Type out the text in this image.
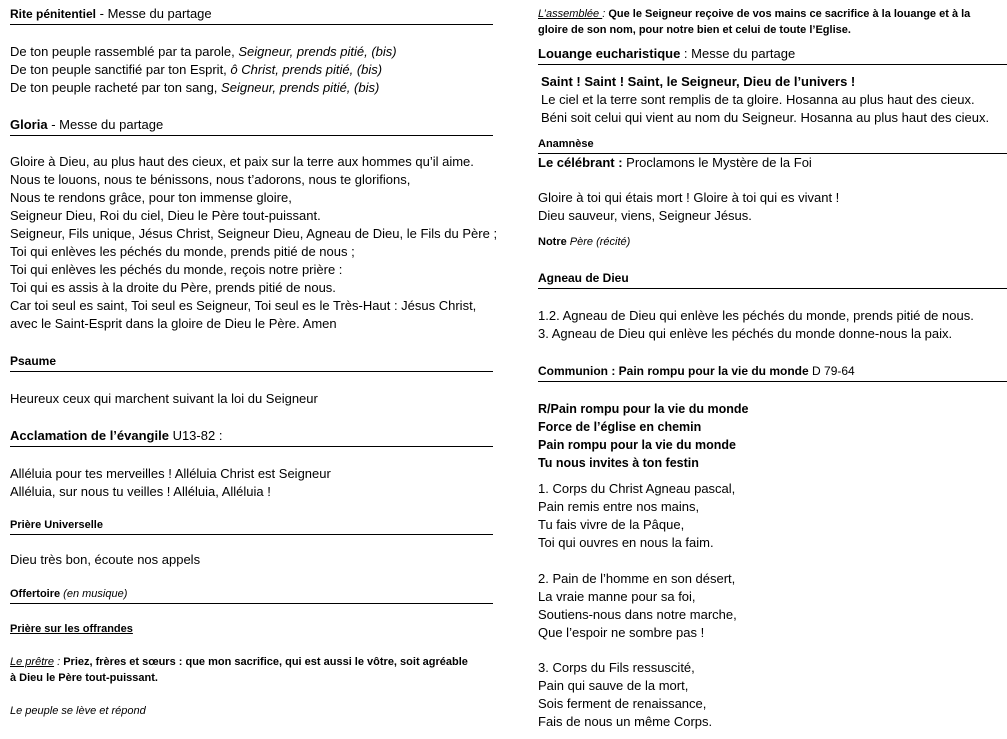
Rite pénitentiel - Messe du partage
De ton peuple rassemblé par ta parole, Seigneur, prends pitié, (bis)
De ton peuple sanctifié par ton Esprit, ô Christ, prends pitié, (bis)
De ton peuple racheté par ton sang, Seigneur, prends pitié, (bis)
Gloria - Messe du partage
Gloire à Dieu, au plus haut des cieux, et paix sur la terre aux hommes qu’il aime.
Nous te louons, nous te bénissons, nous t’adorons, nous te glorifions,
Nous te rendons grâce, pour ton immense gloire,
Seigneur Dieu, Roi du ciel, Dieu le Père tout-puissant.
Seigneur, Fils unique, Jésus Christ, Seigneur Dieu, Agneau de Dieu, le Fils du Père ;
Toi qui enlèves les péchés du monde, prends pitié de nous ;
Toi qui enlèves les péchés du monde, reçois notre prière :
Toi qui es assis à la droite du Père, prends pitié de nous.
Car toi seul es saint, Toi seul es Seigneur, Toi seul es le Très-Haut : Jésus Christ,
avec le Saint-Esprit dans la gloire de Dieu le Père. Amen
Psaume
Heureux ceux qui marchent suivant la loi du Seigneur
Acclamation de l’évangile U13-82 :
Alléluia pour tes merveilles ! Alléluia Christ est Seigneur
Alléluia, sur nous tu veilles ! Alléluia, Alléluia !
Prière Universelle
Dieu très bon, écoute nos appels
Offertoire (en musique)
Prière sur les offrandes
Le prêtre : Priez, frères et sœurs : que mon sacrifice, qui est aussi le vôtre, soit agréable
à Dieu le Père tout-puissant.
Le peuple se lève et répond
L’assemblée : Que le Seigneur reçoive de vos mains ce sacrifice à la louange et à la
gloire de son nom, pour notre bien et celui de toute l’Eglise.
Louange eucharistique : Messe du partage
Saint ! Saint ! Saint, le Seigneur, Dieu de l’univers !
Le ciel et la terre sont remplis de ta gloire. Hosanna au plus haut des cieux.
Béni soit celui qui vient au nom du Seigneur. Hosanna au plus haut des cieux.
Anamnèse
Le célébrant : Proclamons le Mystère de la Foi
Gloire à toi qui étais mort ! Gloire à toi qui es vivant !
Dieu sauveur, viens, Seigneur Jésus.
Notre Père (récité)
Agneau de Dieu
1.2. Agneau de Dieu qui enlève les péchés du monde, prends pitié de nous.
3. Agneau de Dieu qui enlève les péchés du monde donne-nous la paix.
Communion : Pain rompu pour la vie du monde D 79-64
R/Pain rompu pour la vie du monde
Force de l’église en chemin
Pain rompu pour la vie du monde
Tu nous invites à ton festin
1. Corps du Christ Agneau pascal,
Pain remis entre nos mains,
Tu fais vivre de la Pâque,
Toi qui ouvres en nous la faim.
2. Pain de l’homme en son désert,
La vraie manne pour sa foi,
Soutiens-nous dans notre marche,
Que l’espoir ne sombre pas !
3. Corps du Fils ressuscité,
Pain qui sauve de la mort,
Sois ferment de renaissance,
Fais de nous un même Corps.
